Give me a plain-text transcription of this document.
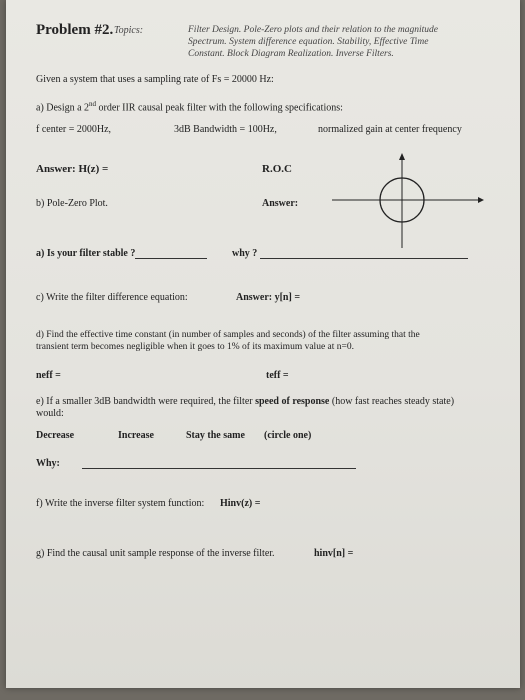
Problem #2. Topics:	Filter Design. Pole-Zero plots and their relation to the magnitude
Spectrum. System difference equation. Stability, Effective Time
Constant. Block Diagram Realization. Inverse Filters.
Given a system that uses a sampling rate of Fs = 20000 Hz:
a) Design a 2nd order IIR causal peak filter with the following specifications:
f center = 2000Hz,	3dB Bandwidth = 100Hz,	normalized gain at center frequency
Answer: H(z) =	R.O.C
b) Pole-Zero Plot.	Answer:
a) Is your filter stable ?	why ?
c) Write the filter difference equation:	Answer: y[n] =
d) Find the effective time constant (in number of samples and seconds) of the filter assuming that the
transient term becomes negligible when it goes to 1% of its maximum value at n=0.
neff =	teff =
e) If a smaller 3dB bandwidth were required, the filter speed of response (how fast reaches steady state)
would:
Decrease	Increase	Stay the same (circle one)
Why:
f) Write the inverse filter system function: Hinv(z) =
g) Find the causal unit sample response of the inverse filter.	hinv[n] =
